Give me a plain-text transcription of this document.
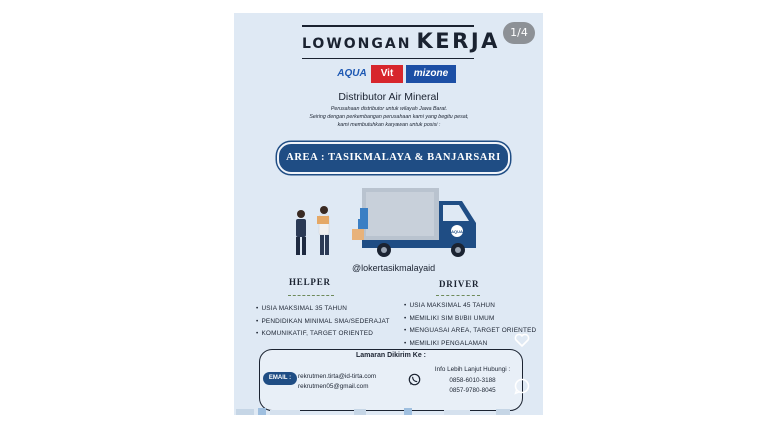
LOWONGAN KERJA
AQUA	Vit	mizone
Distributor Air Mineral
Perusahaan distributor untuk wilayah Jawa Barat.
Seiring dengan perkembangan perusahaan kami yang begitu pesat,
kami membutuhkan karyawan untuk posisi :
AREA : TASIKMALAYA & BANJARSARI
AQUA
@lokertasikmalayaid
HELPER
• USIA MAKSIMAL 35 TAHUN
• PENDIDIKAN MINIMAL SMA/SEDERAJAT
• KOMUNIKATIF, TARGET ORIENTED
DRIVER
• USIA MAKSIMAL 45 TAHUN
• MEMILIKI SIM BI/BII UMUM
• MENGUASAI AREA, TARGET ORIENTED
• MEMILIKI PENGALAMAN
Lamaran Dikirim Ke :
EMAIL :	rekrutmen.tirta@id-tirta.com
rekrutmen05@gmail.com
Info Lebih Lanjut Hubungi :
0858-6010-3188
0857-9780-8045
1/4
